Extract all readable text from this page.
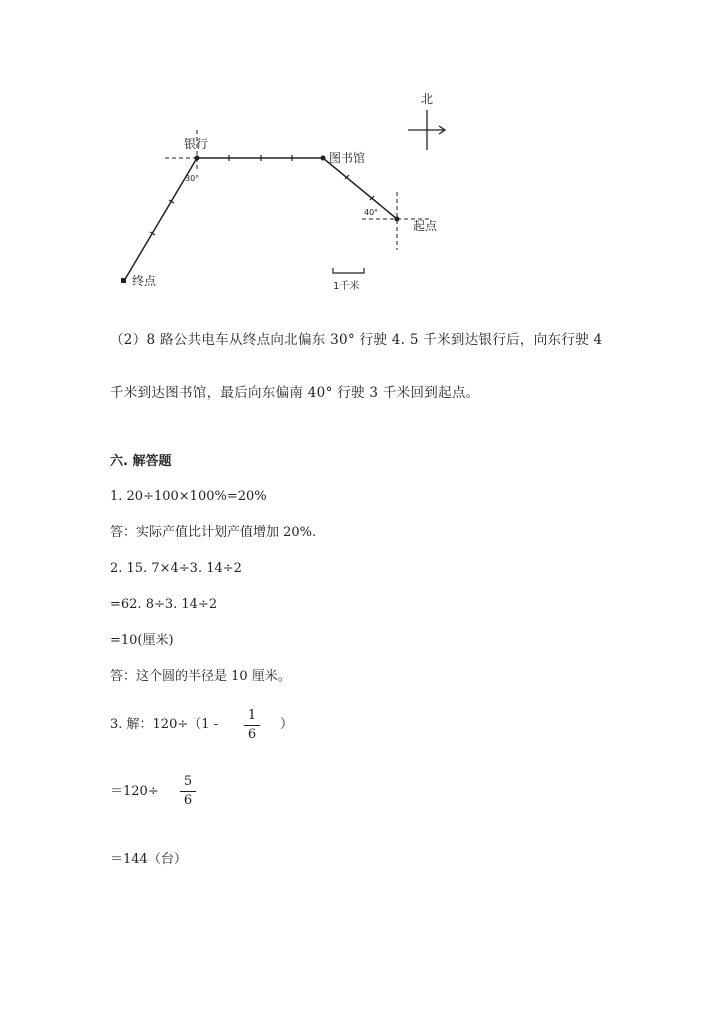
北
银行
图书馆
起点
终点
30°
40°
1千米
（2）8 路公共电车从终点向北偏东 30° 行驶 4. 5 千米到达银行后，向东行驶 4
千米到达图书馆，最后向东偏南 40° 行驶 3 千米回到起点。
六. 解答题
1. 20÷100×100%=20%
答：实际产值比计划产值增加 20%.
2. 15. 7×4÷3. 14÷2
=62. 8÷3. 14÷2
=10(厘米)
答：这个圆的半径是 10 厘米。
3. 解：120÷（1 -
1
6
）
＝120÷
5
6
＝144（台）
